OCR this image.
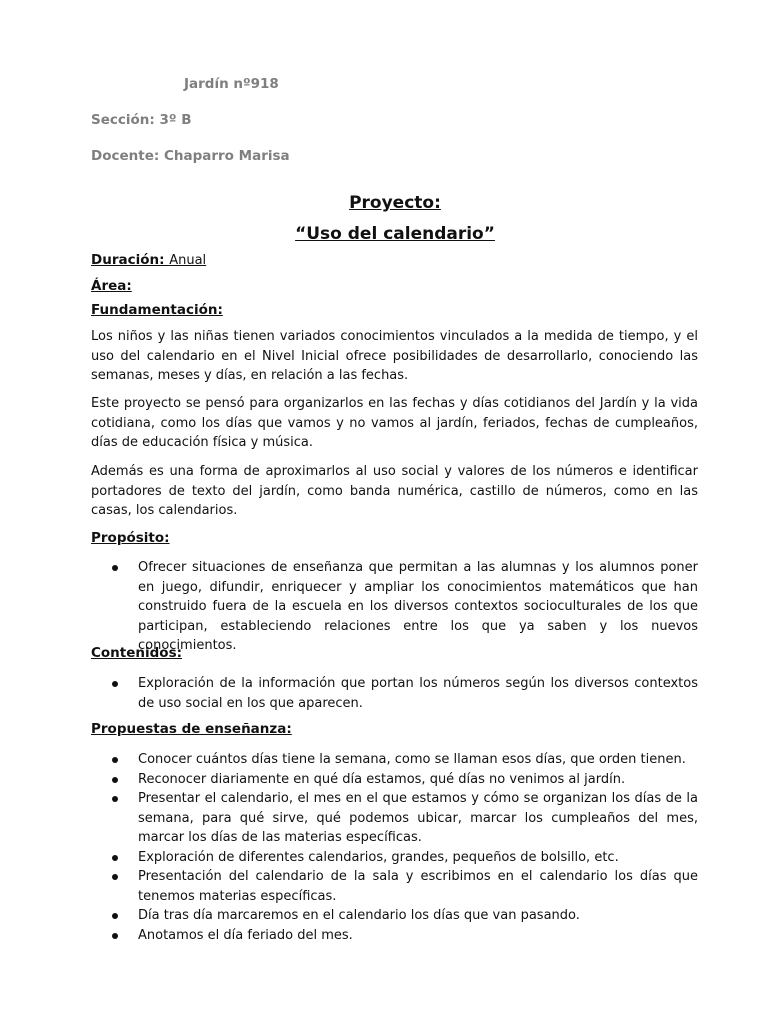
Jardín nº918
Sección: 3º B
Docente: Chaparro Marisa
Proyecto:
“Uso del calendario”
Duración: Anual
Área:
Fundamentación:

Los niños y las niñas tienen variados conocimientos vinculados a la medida de tiempo, y el uso del calendario en el Nivel Inicial ofrece posibilidades de desarrollarlo, conociendo las semanas, meses y días, en relación a las fechas.

Este proyecto se pensó para organizarlos en las fechas y días cotidianos del Jardín y la vida cotidiana, como los días que vamos y no vamos al jardín, feriados, fechas de cumpleaños, días de educación física y música.

Además es una forma de aproximarlos al uso social y valores de los números e identificar portadores de texto del jardín, como banda numérica, castillo de números, como en las casas, los calendarios.

Propósito:
Ofrecer situaciones de enseñanza que permitan a las alumnas y los alumnos poner en juego, difundir, enriquecer y ampliar los conocimientos matemáticos que han construido fuera de la escuela en los diversos contextos socioculturales de los que participan, estableciendo relaciones entre los que ya saben y los nuevos conocimientos.
Contenidos:
Exploración de la información que portan los números según los diversos contextos de uso social en los que aparecen.
Propuestas de enseñanza:
Conocer cuántos días tiene la semana, como se llaman esos días, que orden tienen.
Reconocer diariamente en qué día estamos, qué días no venimos al jardín.
Presentar el calendario, el mes en el que estamos y cómo se organizan los días de la semana, para qué sirve, qué podemos ubicar, marcar los cumpleaños del mes, marcar los días de las materias específicas.
Exploración de diferentes calendarios, grandes, pequeños de bolsillo, etc.
Presentación del calendario de la sala y escribimos en el calendario los días que tenemos materias específicas.
Día tras día marcaremos en el calendario los días que van pasando.
Anotamos el día feriado del mes.
